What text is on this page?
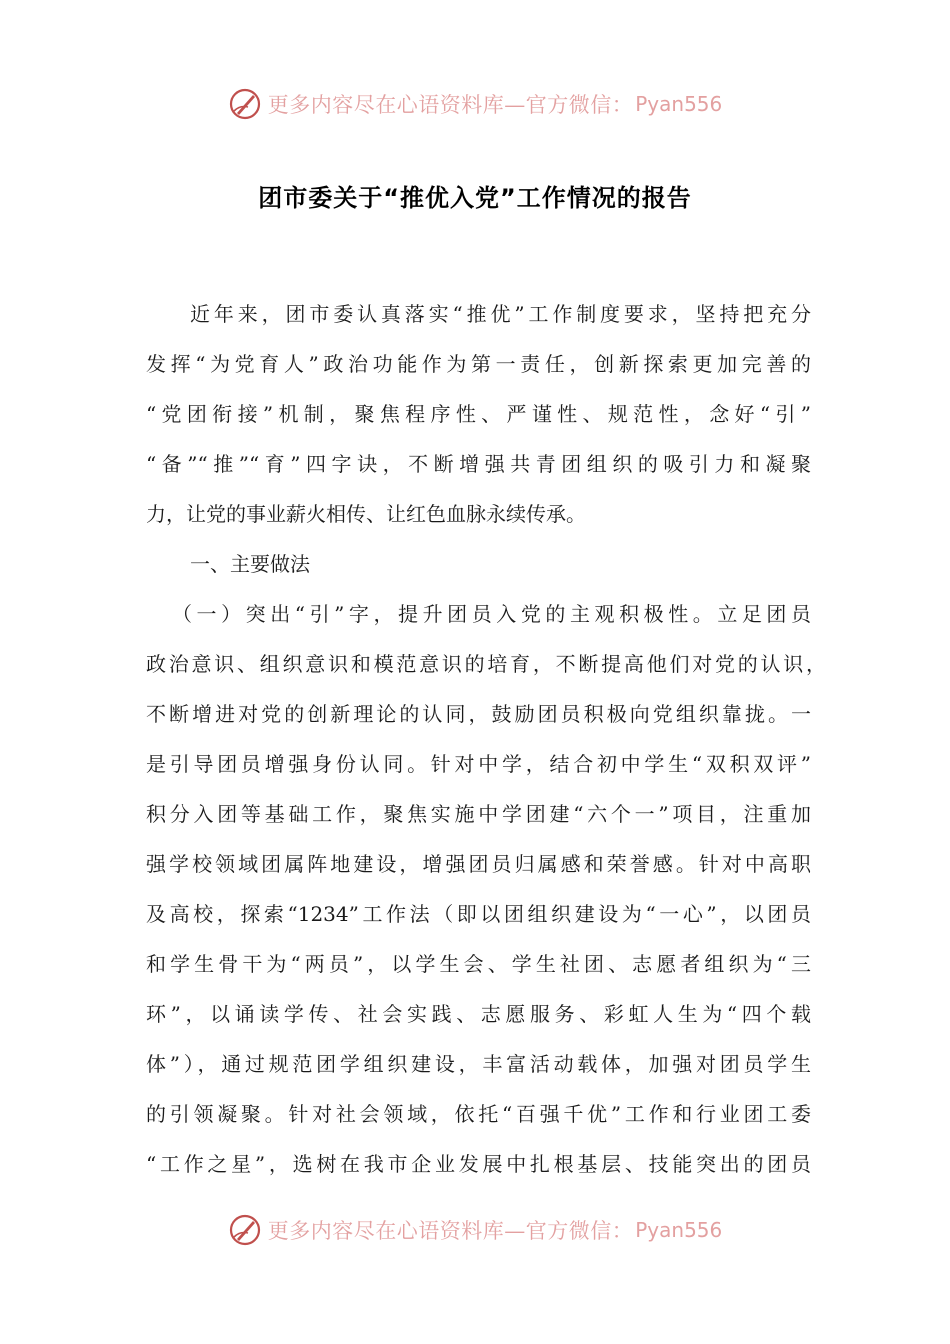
更多内容尽在心语资料库—官方微信： Pyan556
团市委关于“推优入党”工作情况的报告
近年来，团市委认真落实“推优”工作制度要求，坚持把充分
发挥“为党育人”政治功能作为第一责任，创新探索更加完善的
“党团衔接”机制，聚焦程序性、严谨性、规范性，念好“引”
“备”“推”“育”四字诀，不断增强共青团组织的吸引力和凝聚
力，让党的事业薪火相传、让红色血脉永续传承。
一、主要做法
（一）突出“引”字，提升团员入党的主观积极性。立足团员
政治意识、组织意识和模范意识的培育，不断提高他们对党的认识，
不断增进对党的创新理论的认同，鼓励团员积极向党组织靠拢。一
是引导团员增强身份认同。针对中学，结合初中学生“双积双评”
积分入团等基础工作，聚焦实施中学团建“六个一”项目，注重加
强学校领域团属阵地建设，增强团员归属感和荣誉感。针对中高职
及高校，探索“1234”工作法（即以团组织建设为“一心”，以团员
和学生骨干为“两员”，以学生会、学生社团、志愿者组织为“三
环”，以诵读学传、社会实践、志愿服务、彩虹人生为“四个载
体”），通过规范团学组织建设，丰富活动载体，加强对团员学生
的引领凝聚。针对社会领域，依托“百强千优”工作和行业团工委
“工作之星”，选树在我市企业发展中扎根基层、技能突出的团员
更多内容尽在心语资料库—官方微信： Pyan556
